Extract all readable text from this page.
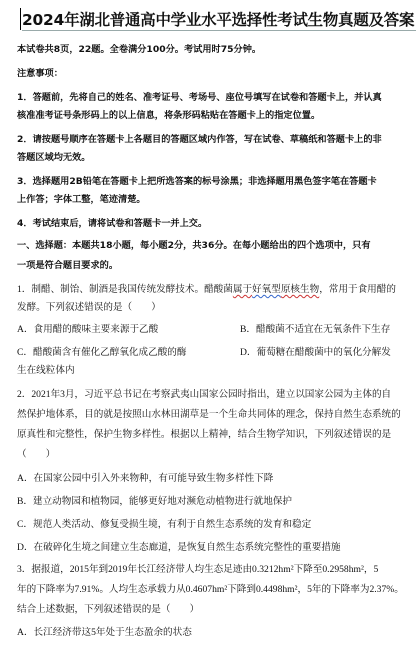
2024年湖北普通高中学业水平选择性考试生物真题及答案
本试卷共8页，22题。全卷满分100分。考试用时75分钟。
注意事项：
1．答题前，先将自己的姓名、准考证号、考场号、座位号填写在试卷和答题卡上，并认真
核准准考证号条形码上的以上信息，将条形码粘贴在答题卡上的指定位置。
2．请按题号顺序在答题卡上各题目的答题区域内作答，写在试卷、草稿纸和答题卡上的非
答题区域均无效。
3．选择题用2B铅笔在答题卡上把所选答案的标号涂黑；非选择题用黑色签字笔在答题卡
上作答；字体工整，笔迹清楚。
4．考试结束后，请将试卷和答题卡一并上交。
一、选择题：本题共18小题，每小题2分，共36分。在每小题给出的四个选项中，只有
一项是符合题目要求的。
1．制醋、制饴、制酒是我国传统发酵技术。醋酸菌属于好氧型原核生物，常用于食用醋的
发酵。下列叙述错误的是（　　）
A．食用醋的酸味主要来源于乙酸	B．醋酸菌不适宜在无氧条件下生存
C．醋酸菌含有催化乙醇氧化成乙酸的酶	D．葡萄糖在醋酸菌中的氧化分解发
生在线粒体内
2．2021年3月，习近平总书记在考察武夷山国家公园时指出，建立以国家公园为主体的自
然保护地体系，目的就是按照山水林田湖草是一个生命共同体的理念，保持自然生态系统的
原真性和完整性，保护生物多样性。根据以上精神，结合生物学知识，下列叙述错误的是
（　　）
A．在国家公园中引入外来物种，有可能导致生物多样性下降
B．建立动物园和植物园，能够更好地对濒危动植物进行就地保护
C．规范人类活动、修复受损生境，有利于自然生态系统的发育和稳定
D．在破碎化生境之间建立生态廊道，是恢复自然生态系统完整性的重要措施
3．据报道，2015年到2019年长江经济带人均生态足迹由0.3212hm²下降至0.2958hm²，5
年的下降率为7.91%。人均生态承载力从0.4607hm²下降到0.4498hm²，5年的下降率为2.37%。
结合上述数据，下列叙述错误的是（　　）
A．长江经济带这5年处于生态盈余的状态
